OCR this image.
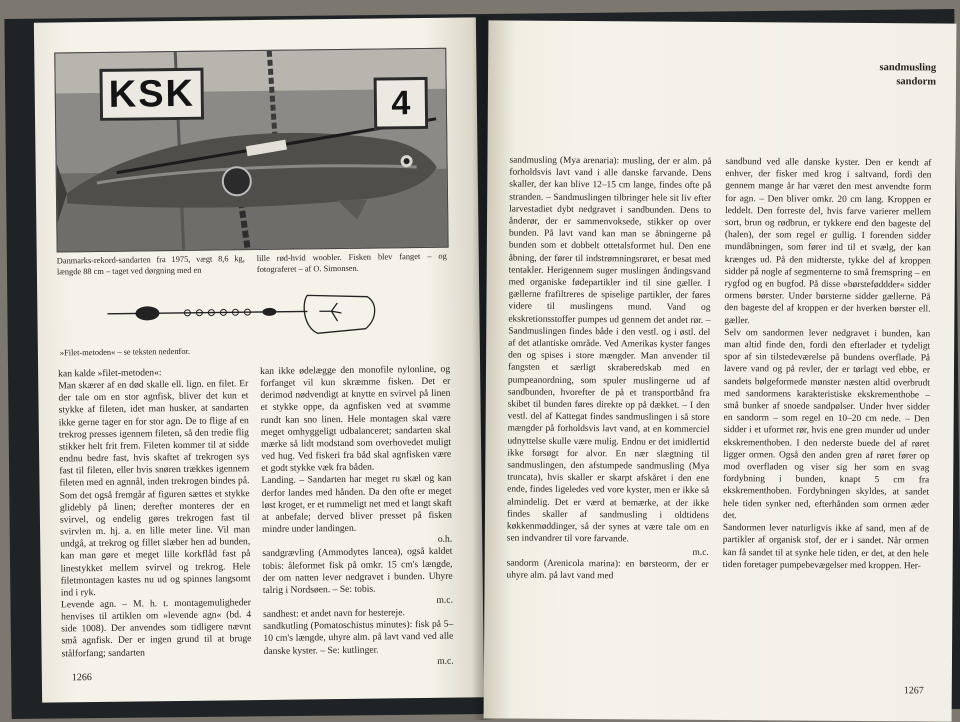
KSK	4
Danmarks-rekord-sandarten fra 1975, vægt 8,6 kg, længde 88 cm – taget ved dørgning med en
lille rød-hvid woobler. Fisken blev fanget – og fotograferet – af O. Simonsen.
»Filet-metoden« – se teksten nedenfor.

kan kalde »filet-metoden«:

Man skærer af en død skalle ell. lign. en filet. Er der tale om en stor agnfisk, bliver det kun et stykke af fileten, idet man husker, at sandarten ikke gerne tager en for stor agn. De to flige af en trekrog presses igennem fileten, så den tredie flig stikker helt frit frem. Fileten kommer til at sidde endnu bedre fast, hvis skaftet af trekrogen sys fast til fileten, eller hvis snøren trækkes igennem fileten med en agnnål, inden trekrogen bindes på. Som det også fremgår af figuren sættes et stykke glidebly på linen; derefter monteres der en svirvel, og endelig gøres trekrogen fast til svirvlen m. hj. a. en lille meter line. Vil man undgå, at trekrog og fillet slæber hen ad bunden, kan man gøre et meget lille korkflåd fast på linestykket mellem svirvel og trekrog. Hele filetmontagen kastes nu ud og spinnes langsomt ind i ryk.

Levende agn. – M. h. t. montagemuligheder henvises til artiklen om »levende agn« (bd. 4 side 1008). Der anvendes som tidligere nævnt små agnfisk. Der er ingen grund til at bruge stålforfang; sandarten

kan ikke ødelægge den monofile nylonline, og forfanget vil kun skræmme fisken. Det er derimod nødvendigt at knytte en svirvel på linen et stykke oppe, da agnfisken ved at svømme rundt kan sno linen. Hele montagen skal være meget omhyggeligt udbalanceret; sandarten skal mærke så lidt modstand som overhovedet muligt ved hug. Ved fiskeri fra båd skal agnfisken være et godt stykke væk fra båden.

Landing. – Sandarten har meget ru skæl og kan derfor landes med hånden. Da den ofte er meget løst kroget, er et rummeligt net med et langt skaft at anbefale; derved bliver presset på fisken mindre under landingen.

o.h.

sandgrævling (Ammodytes lancea), også kaldet tobis: åleformet fisk på omkr. 15 cm's længde, der om natten lever nedgravet i bunden. Uhyre talrig i Nordsøen. – Se: tobis.

m.c.

sandhest: et andet navn for hestereje.

sandkutling (Pomatoschistus minutes): fisk på 5–10 cm's længde, uhyre alm. på lavt vand ved alle danske kyster. – Se: kutlinger.

m.c.

1266
sandmusling
sandorm

sandmusling (Mya arenaria): musling, der er alm. på forholdsvis lavt vand i alle danske farvande. Dens skaller, der kan blive 12–15 cm lange, findes ofte på stranden. – Sandmuslingen tilbringer hele sit liv efter larvestadiet dybt nedgravet i sandbunden. Dens to ånderør, der er sammenvoksede, stikker op over bunden. På lavt vand kan man se åbningerne på bunden som et dobbelt ottetalsformet hul. Den ene åbning, der fører til indstrømningsrøret, er besat med tentakler. Herigennem suger muslingen åndingsvand med organiske fødepartikler ind til sine gæller. I gællerne frafiltreres de spiselige partikler, der føres videre til muslingens mund. Vand og ekskretionsstoffer pumpes ud gennem det andet rør. – Sandmuslingen findes både i den vestl. og i østl. del af det atlantiske område. Ved Amerikas kyster fanges den og spises i store mængder. Man anvender til fangsten et særligt skraberedskab med en pumpeanordning, som spuler muslingerne ud af sandbunden, hvorefter de på et transportbånd fra skibet til bunden føres direkte op på dækket. – I den vestl. del af Kattegat findes sandmuslingen i så store mængder på forholdsvis lavt vand, at en kommerciel udnyttelse skulle være mulig. Endnu er det imidlertid ikke forsøgt for alvor. En nær slægtning til sandmuslingen, den afstumpede sandmusling (Mya truncata), hvis skaller er skarpt afskåret i den ene ende, findes ligeledes ved vore kyster, men er ikke så almindelig. Det er værd at bemærke, at der ikke findes skaller af sandmusling i oldtidens køkkenmøddinger, så der synes at være tale om en sen indvandrer til vore farvande.

m.c.

sandorm (Arenicola marina): en børsteorm, der er uhyre alm. på lavt vand med

sandbund ved alle danske kyster. Den er kendt af enhver, der fisker med krog i saltvand, fordi den gennem mange år har været den mest anvendte form for agn. – Den bliver omkr. 20 cm lang. Kroppen er leddelt. Den forreste del, hvis farve varierer mellem sort, brun og rødbrun, er tykkere end den bageste del (halen), der som regel er gullig. I forenden sidder mundåbningen, som fører ind til et svælg, der kan krænges ud. På den midterste, tykke del af kroppen sidder på nogle af segmenterne to små fremspring – en rygfod og en bugfod. På disse »børsteføddder« sidder ormens børster. Under børsterne sidder gællerne. På den bageste del af kroppen er der hverken børster ell. gæller.

Selv om sandormen lever nedgravet i bunden, kan man altid finde den, fordi den efterlader et tydeligt spor af sin tilstedeværelse på bundens overflade. På lavere vand og på revler, der er tørlagt ved ebbe, er sandets bølgeformede mønster næsten altid overbrudt med sandormens karakteristiske ekskrementhobe – små bunker af snoede sandpølser. Under hver sidder en sandorm – som regel en 10–20 cm nede. – Den sidder i et uformet rør, hvis ene gren munder ud under ekskrementhoben. I den nederste buede del af røret ligger ormen. Også den anden gren af røret fører op mod overfladen og viser sig her som en svag fordybning i bunden, knapt 5 cm fra ekskrementhoben. Fordybningen skyldes, at sandet hele tiden synker ned, efterhånden som ormen æder det.

Sandormen lever naturligvis ikke af sand, men af de partikler af organisk stof, der er i sandet. Når ormen kan få sandet til at synke hele tiden, er det, at den hele tiden foretager pumpebevægelser med kroppen. Her-

1267
